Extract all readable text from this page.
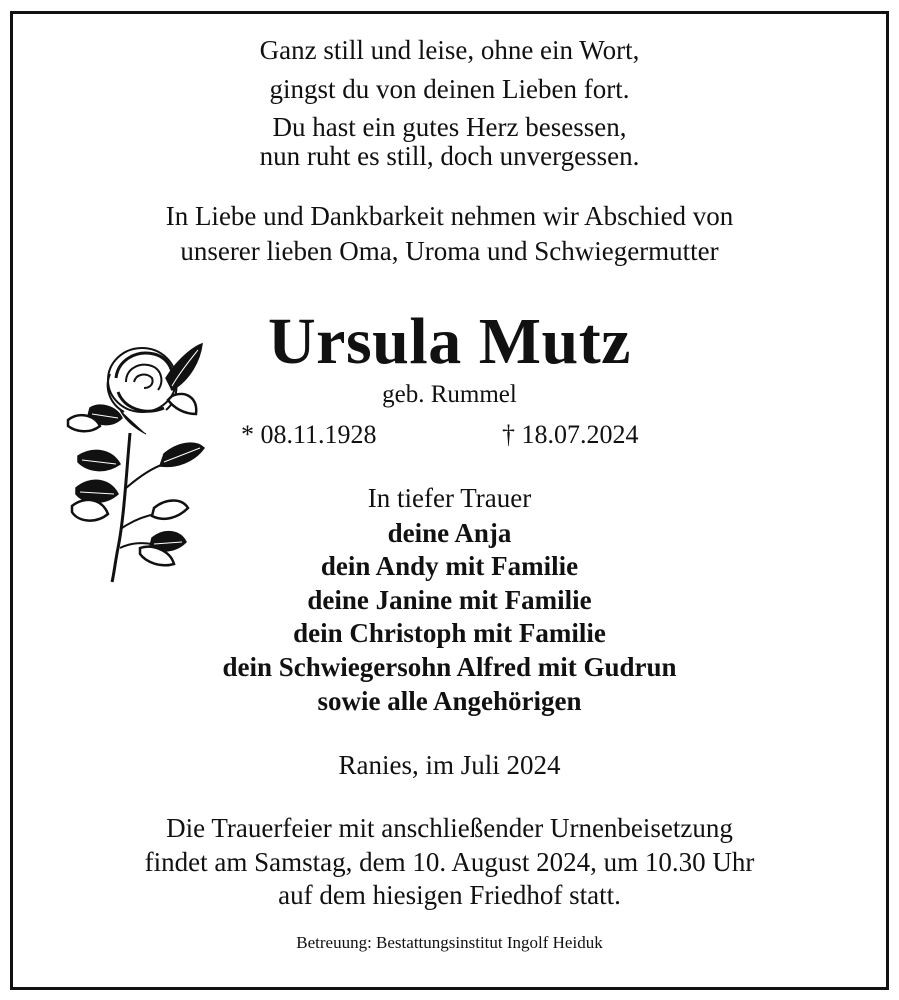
Ganz still und leise, ohne ein Wort,
gingst du von deinen Lieben fort.
Du hast ein gutes Herz besessen,
nun ruht es still, doch unvergessen.
In Liebe und Dankbarkeit nehmen wir Abschied von
unserer lieben Oma, Uroma und Schwiegermutter
Ursula Mutz
geb. Rummel
* 08.11.1928	† 18.07.2024
In tiefer Trauer
deine Anja
dein Andy mit Familie
deine Janine mit Familie
dein Christoph mit Familie
dein Schwiegersohn Alfred mit Gudrun
sowie alle Angehörigen
Ranies, im Juli 2024
Die Trauerfeier mit anschließender Urnenbeisetzung
findet am Samstag, dem 10. August 2024, um 10.30 Uhr
auf dem hiesigen Friedhof statt.
Betreuung: Bestattungsinstitut Ingolf Heiduk
